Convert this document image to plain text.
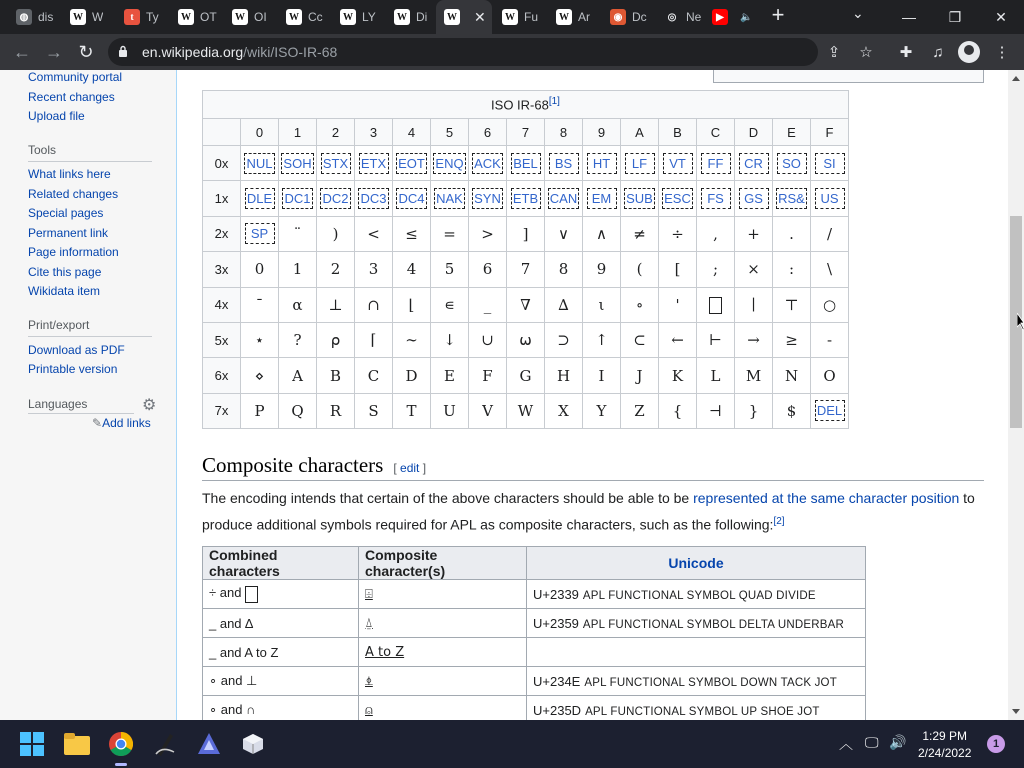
◍ dis	W W	t	Ty	W OT	W OI	W Cc	W LY	W Di	W ✕	W Fu	W Ar	◉ Dc	◎ Ne	▶	🔈 +	⌄	—	❐	✕
← → ↻	en.wikipedia.org/wiki/ISO-IR-68	⇪	☆	✚	♫	⋮
Community portal
Recent changes
Upload file
Tools
What links here
Related changes
Special pages
Permanent link
Page information
Cite this page
Wikidata item
Print/export
Download as PDF
Printable version
Languages	⚙
✎Add links
ISO IR-68[1]
	0	1	2	3	4	5	6	7	8	9	A	B	C	D	E	F
0x	NUL	SOH	STX	ETX	EOT	ENQ	ACK	BEL	BS	HT	LF	VT	FF	CR	SO	SI
1x	DLE	DC1	DC2	DC3	DC4	NAK	SYN	ETB	CAN	EM	SUB	ESC	FS	GS	RS&	US
2x	SP	¨	)	<	≤	=	>	]	∨	∧	≠	÷	,	+	.	/
3x	0	1	2	3	4	5	6	7	8	9	(	[	;	×	:	\
4x	¯	α	⊥	∩	⌊	∊	_	∇	∆	ι	∘	'		∣	⊤	○
5x	⋆	?	⍴	⌈	∼	↓	∪	⍵	⊃	↑	⊂	←	⊢	→	≥	-
6x	⋄	A	B	C	D	E	F	G	H	I	J	K	L	M	N	O
7x	P	Q	R	S	T	U	V	W	X	Y	Z	{	⊣	}	$	DEL
Composite characters [ edit ]
The encoding intends that certain of the above characters should be able to be represented at the same character position to produce additional symbols required for APL as composite characters, such as the following:[2]
Combined characters	Composite character(s)	Unicode
÷ and	⌹	U+2339 APL FUNCTIONAL SYMBOL QUAD DIVIDE
_ and ∆	⍙	U+2359 APL FUNCTIONAL SYMBOL DELTA UNDERBAR
_ and A to Z	A to Z	
∘ and ⊥	⍎	U+234E APL FUNCTIONAL SYMBOL DOWN TACK JOT
∘ and ∩	⍝	U+235D APL FUNCTIONAL SYMBOL UP SHOE JOT
︿ 🖵 🔊	1:29 PM
2/24/2022
1
